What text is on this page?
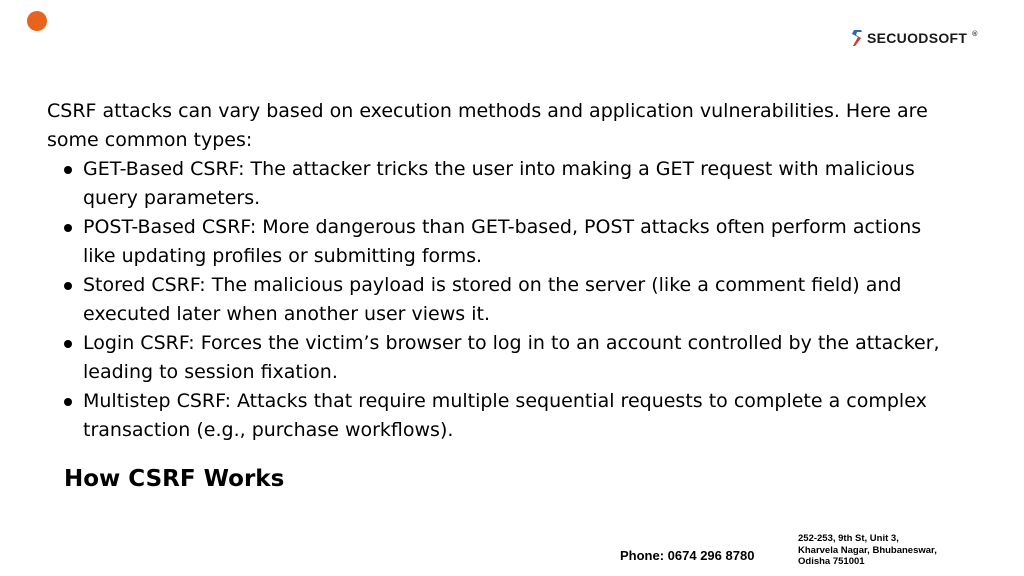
SECUODSOFT ®

CSRF attacks can vary based on execution methods and application vulnerabilities. Here are some common types:

GET-Based CSRF: The attacker tricks the user into making a GET request with malicious query parameters.
POST-Based CSRF: More dangerous than GET-based, POST attacks often perform actions like updating profiles or submitting forms.
Stored CSRF: The malicious payload is stored on the server (like a comment field) and executed later when another user views it.
Login CSRF: Forces the victim’s browser to log in to an account controlled by the attacker, leading to session fixation.
Multistep CSRF: Attacks that require multiple sequential requests to complete a complex transaction (e.g., purchase workflows).
How CSRF Works
Phone: 0674 296 8780
252-253, 9th St, Unit 3,
Kharvela Nagar, Bhubaneswar,
Odisha 751001
